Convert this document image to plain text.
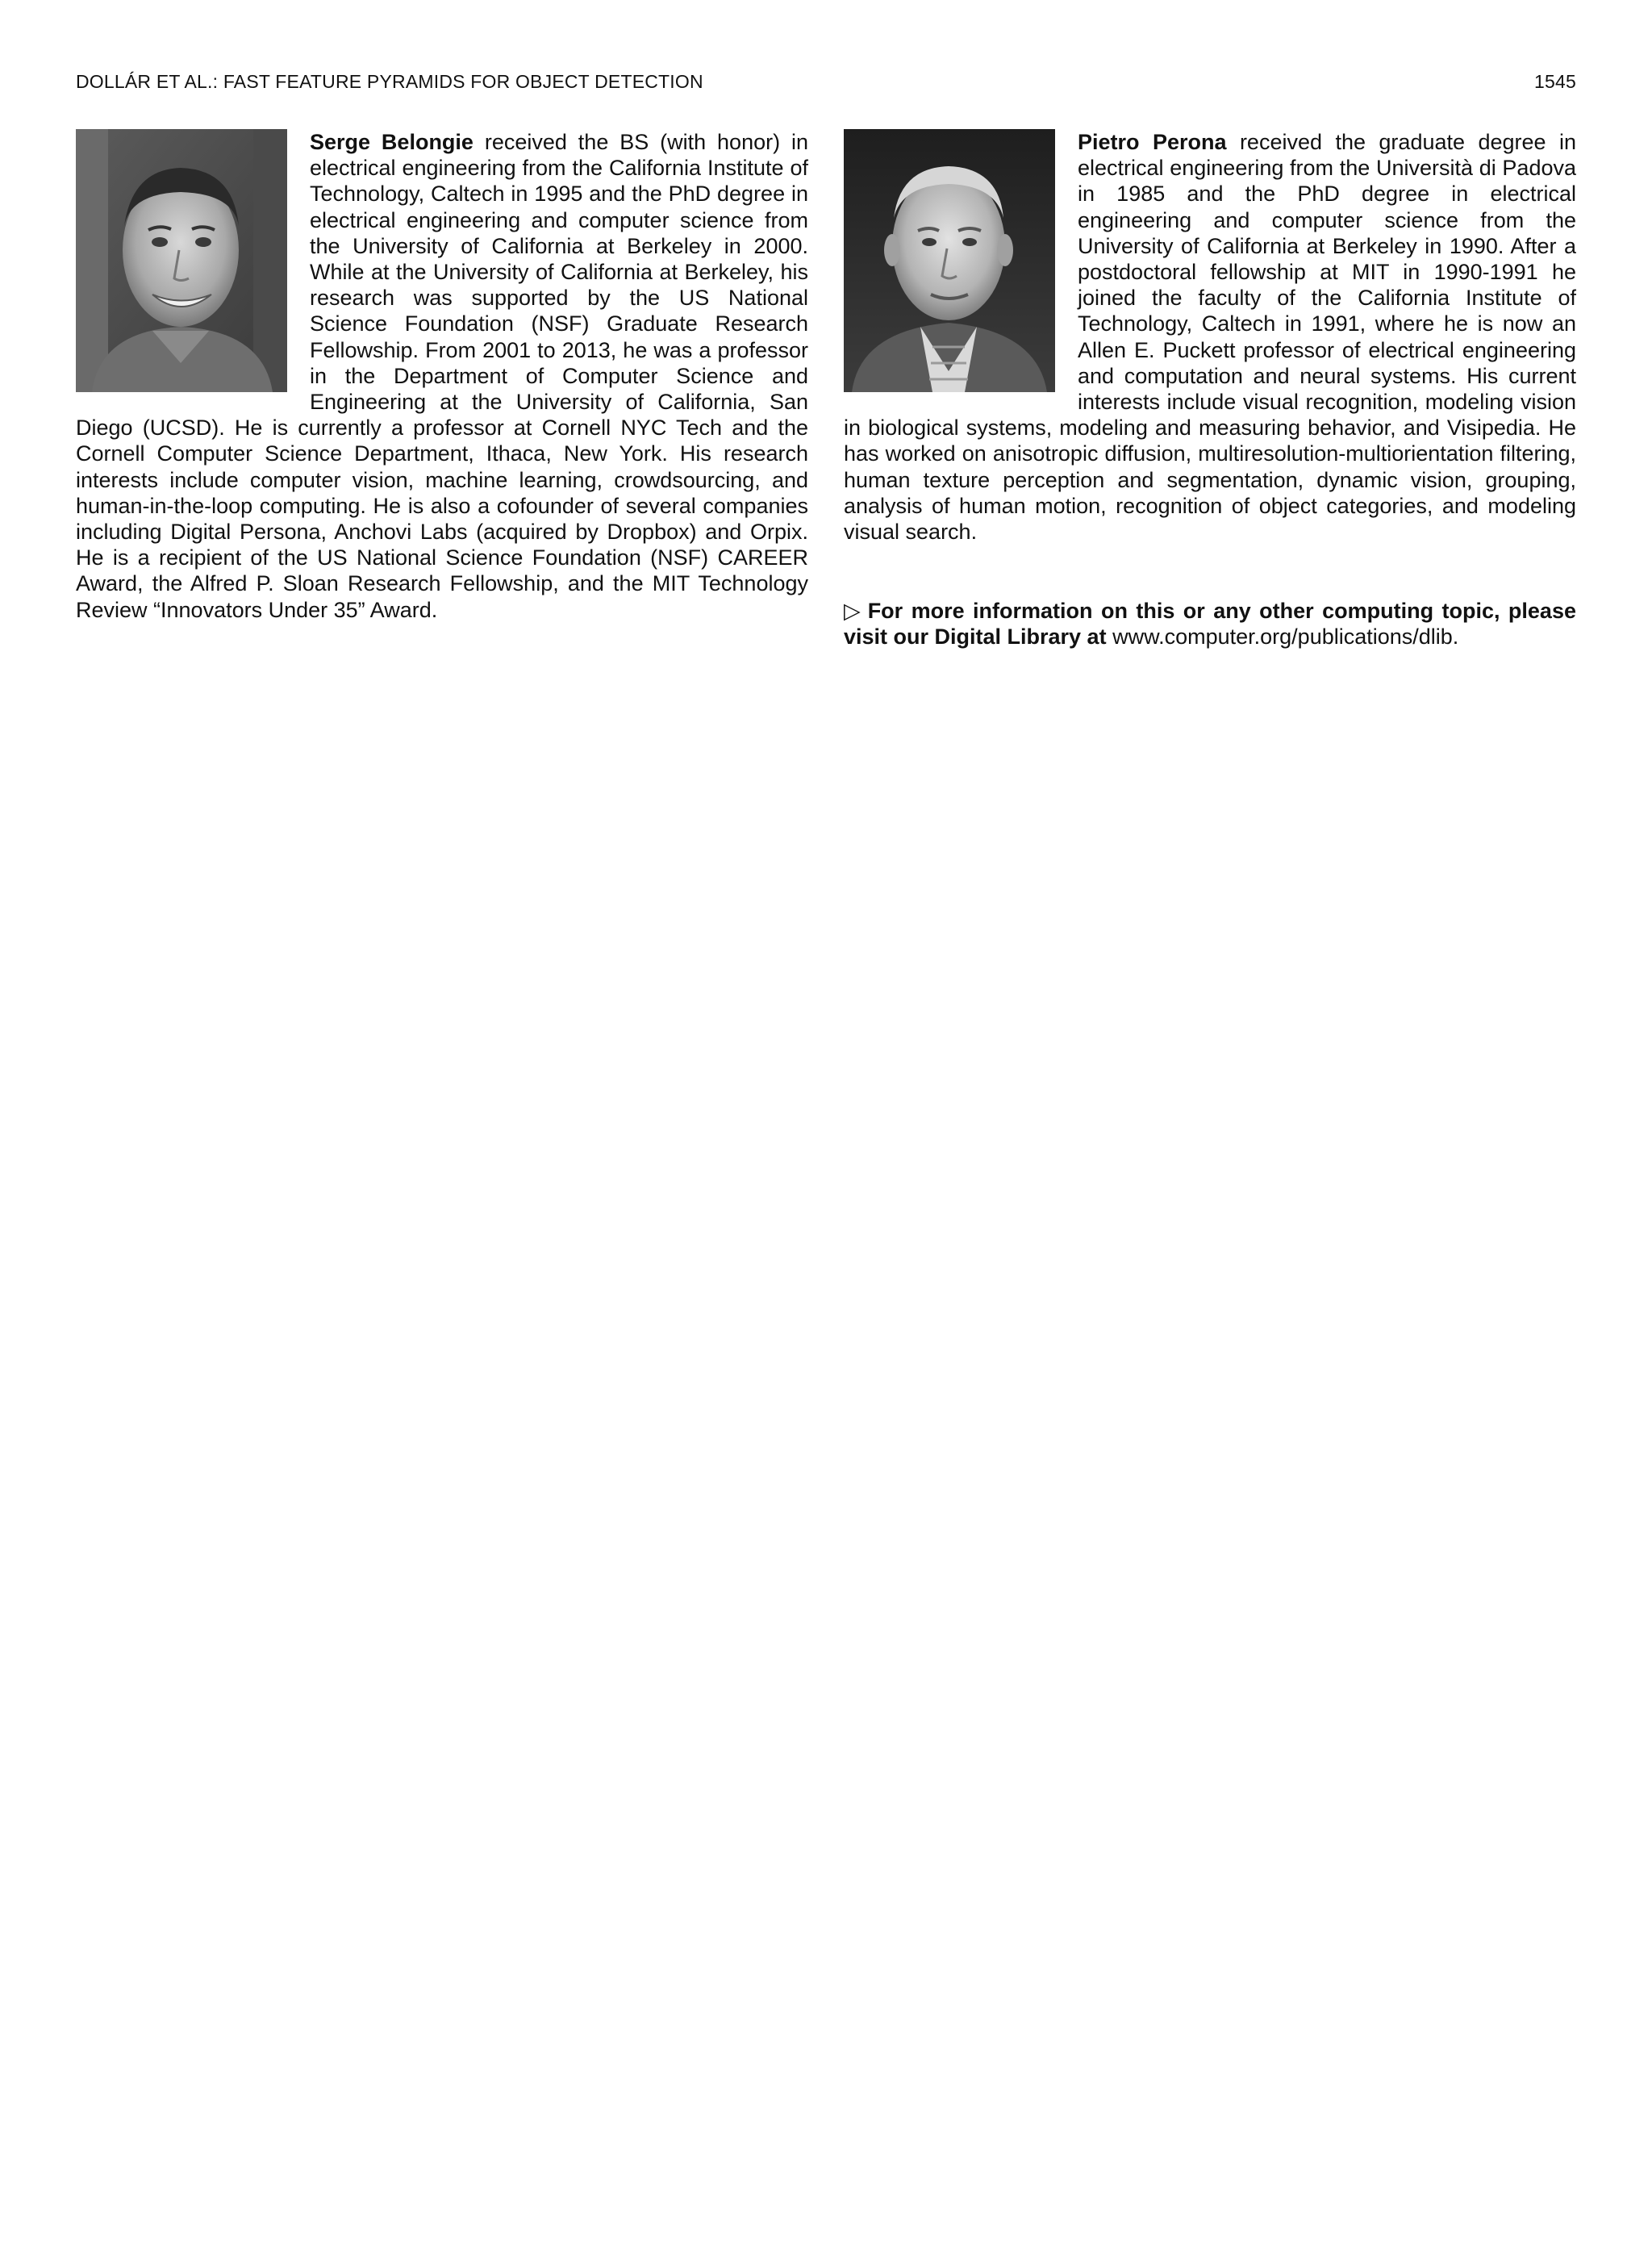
DOLLÁR ET AL.: FAST FEATURE PYRAMIDS FOR OBJECT DETECTION	1545

Serge Belongie received the BS (with honor) in electrical engineering from the California Institute of Technology, Caltech in 1995 and the PhD degree in electrical engineering and computer science from the University of California at Berkeley in 2000. While at the University of California at Berkeley, his research was supported by the US National Science Foundation (NSF) Graduate Research Fellowship. From 2001 to 2013, he was a professor in the Department of Computer Science and Engineering at the University of California, San Diego (UCSD). He is currently a professor at Cornell NYC Tech and the Cornell Computer Science Department, Ithaca, New York. His research interests include computer vision, machine learning, crowdsourcing, and human-in-the-loop computing. He is also a cofounder of several companies including Digital Persona, Anchovi Labs (acquired by Dropbox) and Orpix. He is a recipient of the US National Science Foundation (NSF) CAREER Award, the Alfred P. Sloan Research Fellowship, and the MIT Technology Review “Innovators Under 35” Award.

Pietro Perona received the graduate degree in electrical engineering from the Università di Padova in 1985 and the PhD degree in electrical engineering and computer science from the University of California at Berkeley in 1990. After a postdoctoral fellowship at MIT in 1990-1991 he joined the faculty of the California Institute of Technology, Caltech in 1991, where he is now an Allen E. Puckett professor of electrical engineering and computation and neural systems. His current interests include visual recognition, modeling vision in biological systems, modeling and measuring behavior, and Visipedia. He has worked on anisotropic diffusion, multiresolution-multiorientation filtering, human texture perception and segmentation, dynamic vision, grouping, analysis of human motion, recognition of object categories, and modeling visual search.

▷ For more information on this or any other computing topic, please visit our Digital Library at www.computer.org/publications/dlib.
